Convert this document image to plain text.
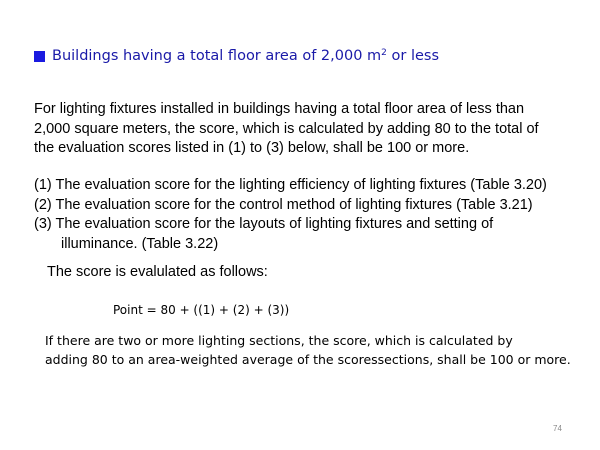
Buildings having a total floor area of 2,000 $m^2$ or less
For lighting fixtures installed in buildings having a total floor area of less than
2,000 square meters, the score, which is calculated by adding 80 to the total of
the evaluation scores listed in (1) to (3) below, shall be 100 or more.
(1) The evaluation score for the lighting efficiency of lighting fixtures (Table 3.20)
(2) The evaluation score for the control method of lighting fixtures (Table 3.21)
(3) The evaluation score for the layouts of lighting fixtures and setting of
illuminance. (Table 3.22)
The score is evalulated as follows:
Point = 80 + ((1) + (2) + (3))
If there are two or more lighting sections, the score, which is calculated by
adding 80 to an area-weighted average of the scoressections, shall be 100 or more.
74
